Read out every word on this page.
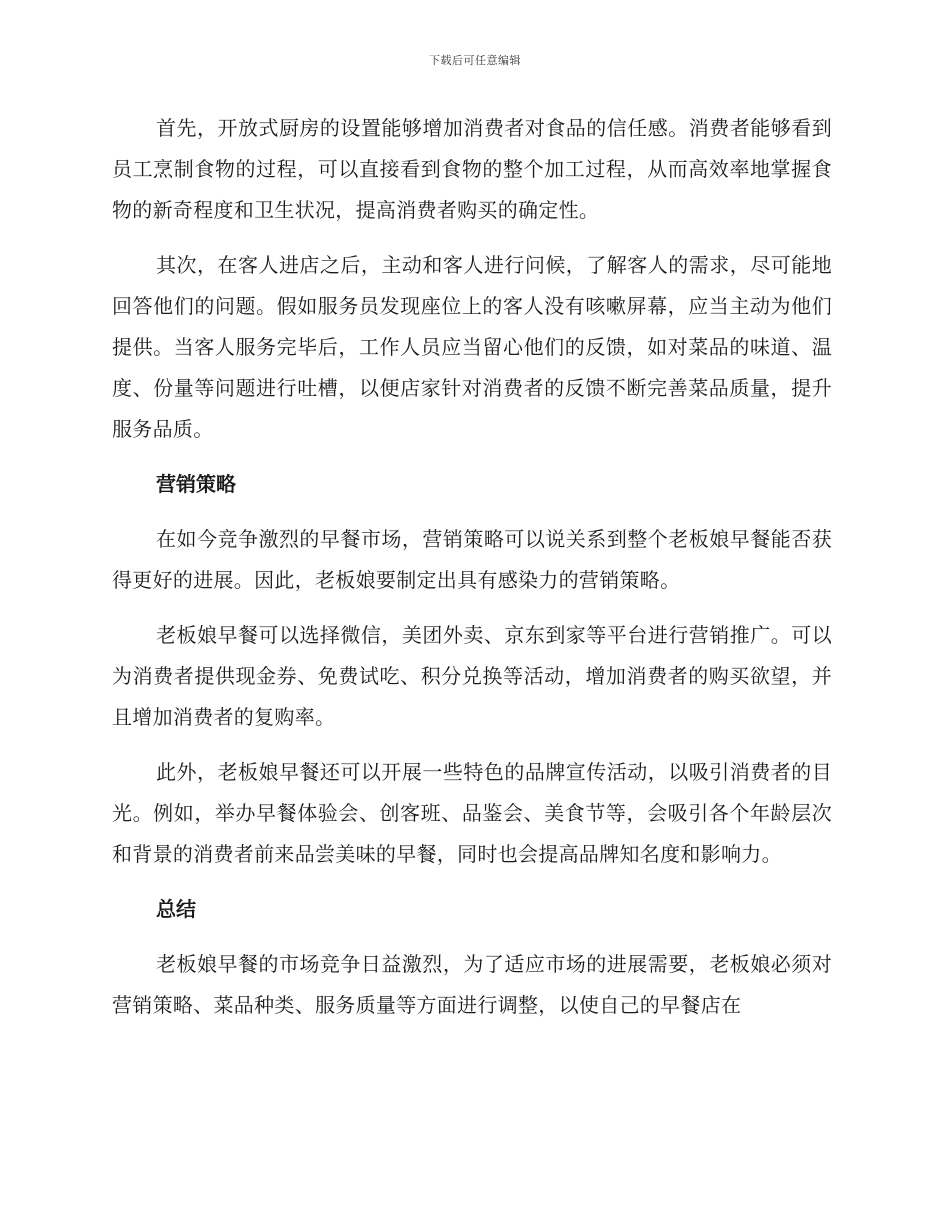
下载后可任意编辑

首先，开放式厨房的设置能够增加消费者对食品的信任感。消费者能够看到员工烹制食物的过程，可以直接看到食物的整个加工过程，从而高效率地掌握食物的新奇程度和卫生状况，提高消费者购买的确定性。

其次，在客人进店之后，主动和客人进行问候，了解客人的需求，尽可能地回答他们的问题。假如服务员发现座位上的客人没有咳嗽屏幕，应当主动为他们提供。当客人服务完毕后，工作人员应当留心他们的反馈，如对菜品的味道、温度、份量等问题进行吐槽，以便店家针对消费者的反馈不断完善菜品质量，提升服务品质。

营销策略

在如今竞争激烈的早餐市场，营销策略可以说关系到整个老板娘早餐能否获得更好的进展。因此，老板娘要制定出具有感染力的营销策略。

老板娘早餐可以选择微信，美团外卖、京东到家等平台进行营销推广。可以为消费者提供现金券、免费试吃、积分兑换等活动，增加消费者的购买欲望，并且增加消费者的复购率。

此外，老板娘早餐还可以开展一些特色的品牌宣传活动，以吸引消费者的目光。例如，举办早餐体验会、创客班、品鉴会、美食节等，会吸引各个年龄层次和背景的消费者前来品尝美味的早餐，同时也会提高品牌知名度和影响力。

总结

老板娘早餐的市场竞争日益激烈，为了适应市场的进展需要，老板娘必须对营销策略、菜品种类、服务质量等方面进行调整，以使自己的早餐店在
